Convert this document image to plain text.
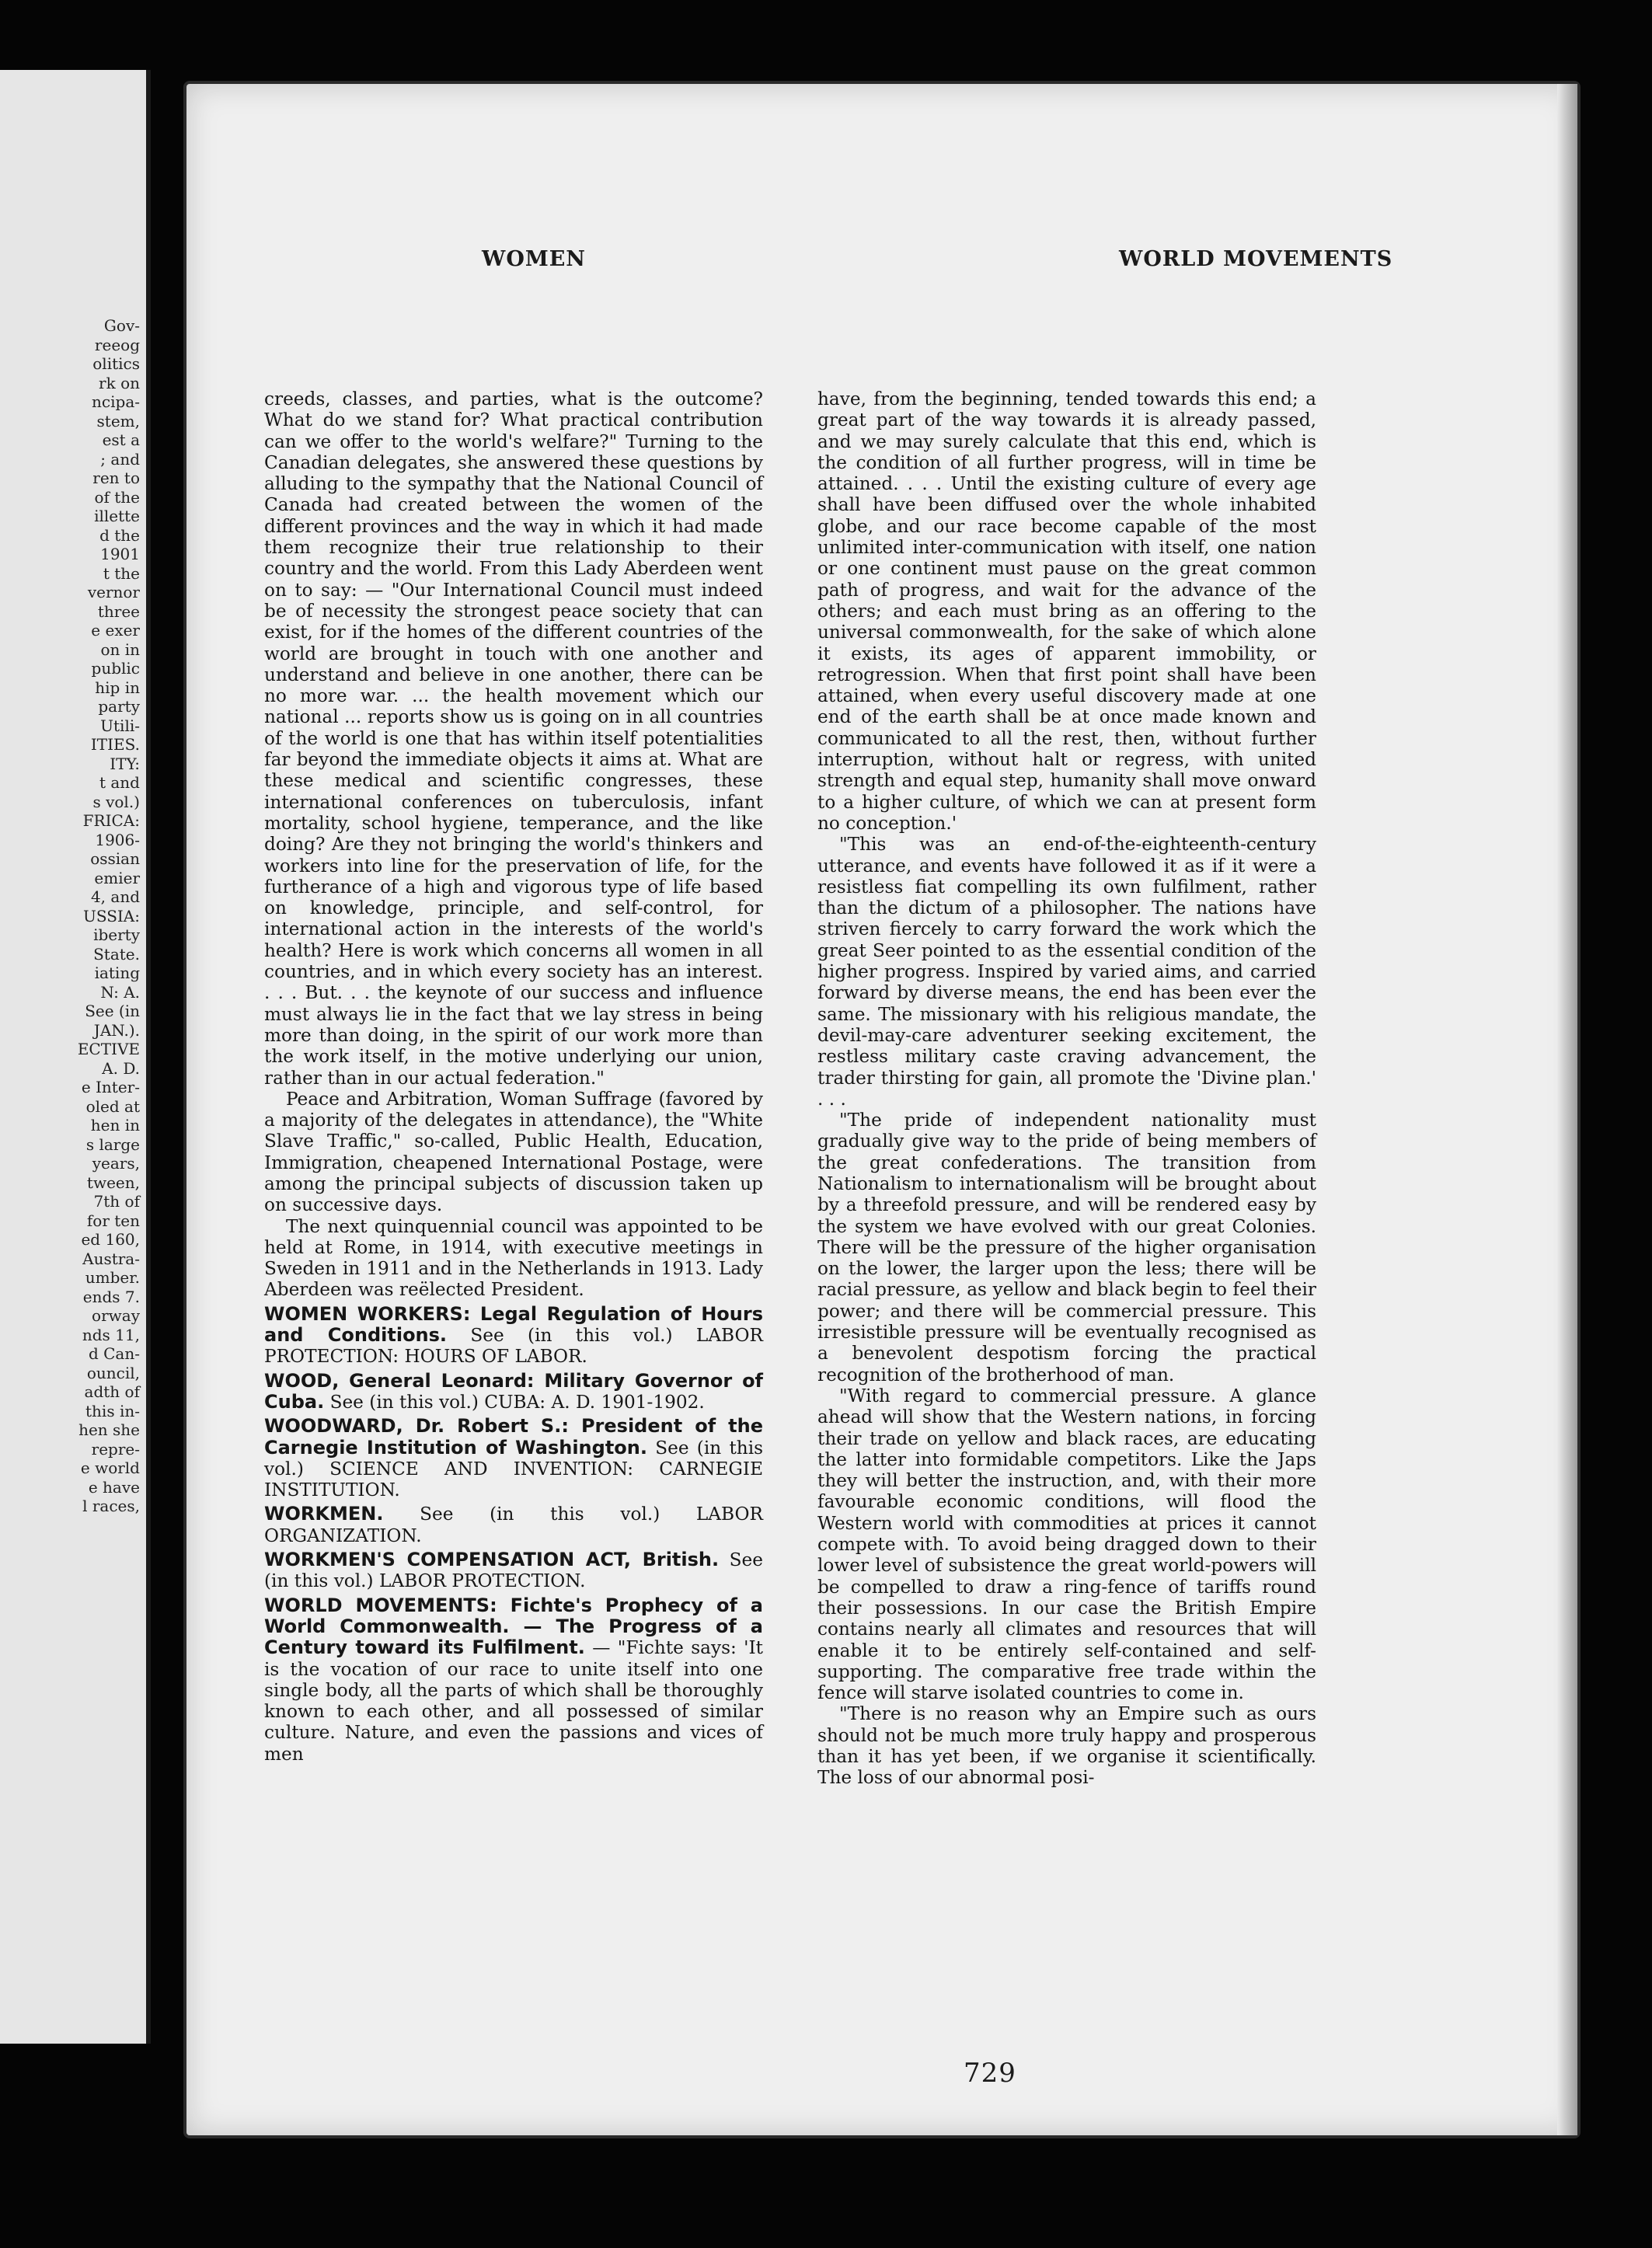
Gov-
reeog
olitics
rk on
ncipa-
stem,
est a
; and
ren to
of the
illette
d the
1901
t the
vernor
three
e exer
on in
public
hip in
party
Utili-
ITIES.
ITY:
t and
s vol.)
FRICA:
1906-
ossian
emier
4, and
USSIA:
iberty
State.
iating
N: A.
See (in
JAN.).
ECTIVE
A. D.
e Inter-
oled at
hen in
s large
years,
tween,
7th of
for ten
ed 160,
Austra-
umber.
ends 7.
orway
nds 11,
d Can-
ouncil,
adth of
this in-
hen she
repre-
e world
e have
l races,
WOMEN	WORLD MOVEMENTS

creeds, classes, and parties, what is the outcome? What do we stand for? What practical contribution can we offer to the world's welfare?" Turning to the Canadian delegates, she answered these questions by alluding to the sympathy that the National Council of Canada had created between the women of the different provinces and the way in which it had made them recognize their true relationship to their country and the world. From this Lady Aberdeen went on to say: — "Our International Council must indeed be of necessity the strongest peace society that can exist, for if the homes of the different countries of the world are brought in touch with one another and understand and believe in one another, there can be no more war. ... the health movement which our national ... reports show us is going on in all countries of the world is one that has within itself potentialities far beyond the immediate objects it aims at. What are these medical and scientific congresses, these international conferences on tuberculosis, infant mortality, school hygiene, temperance, and the like doing? Are they not bringing the world's thinkers and workers into line for the preservation of life, for the furtherance of a high and vigorous type of life based on knowledge, principle, and self-control, for international action in the interests of the world's health? Here is work which concerns all women in all countries, and in which every society has an interest. . . . But. . . the keynote of our success and influence must always lie in the fact that we lay stress in being more than doing, in the spirit of our work more than the work itself, in the motive underlying our union, rather than in our actual federation."

Peace and Arbitration, Woman Suffrage (favored by a majority of the delegates in attendance), the "White Slave Traffic," so-called, Public Health, Education, Immigration, cheapened International Postage, were among the principal subjects of discussion taken up on successive days.

The next quinquennial council was appointed to be held at Rome, in 1914, with executive meetings in Sweden in 1911 and in the Netherlands in 1913. Lady Aberdeen was reëlected President.

WOMEN WORKERS: Legal Regulation of Hours and Conditions. See (in this vol.) LABOR PROTECTION: HOURS OF LABOR.

WOOD, General Leonard: Military Governor of Cuba. See (in this vol.) CUBA: A. D. 1901-1902.

WOODWARD, Dr. Robert S.: President of the Carnegie Institution of Washington. See (in this vol.) SCIENCE AND INVENTION: CARNEGIE INSTITUTION.

WORKMEN. See (in this vol.) LABOR ORGANIZATION.

WORKMEN'S COMPENSATION ACT, British. See (in this vol.) LABOR PROTECTION.

WORLD MOVEMENTS: Fichte's Prophecy of a World Commonwealth. — The Progress of a Century toward its Fulfilment. — "Fichte says: 'It is the vocation of our race to unite itself into one single body, all the parts of which shall be thoroughly known to each other, and all possessed of similar culture. Nature, and even the passions and vices of men

have, from the beginning, tended towards this end; a great part of the way towards it is already passed, and we may surely calculate that this end, which is the condition of all further progress, will in time be attained. . . . Until the existing culture of every age shall have been diffused over the whole inhabited globe, and our race become capable of the most unlimited inter-communication with itself, one nation or one continent must pause on the great common path of progress, and wait for the advance of the others; and each must bring as an offering to the universal commonwealth, for the sake of which alone it exists, its ages of apparent immobility, or retrogression. When that first point shall have been attained, when every useful discovery made at one end of the earth shall be at once made known and communicated to all the rest, then, without further interruption, without halt or regress, with united strength and equal step, humanity shall move onward to a higher culture, of which we can at present form no conception.'

"This was an end-of-the-eighteenth-century utterance, and events have followed it as if it were a resistless fiat compelling its own fulfilment, rather than the dictum of a philosopher. The nations have striven fiercely to carry forward the work which the great Seer pointed to as the essential condition of the higher progress. Inspired by varied aims, and carried forward by diverse means, the end has been ever the same. The missionary with his religious mandate, the devil-may-care adventurer seeking excitement, the restless military caste craving advancement, the trader thirsting for gain, all promote the 'Divine plan.' . . .

"The pride of independent nationality must gradually give way to the pride of being members of the great confederations. The transition from Nationalism to internationalism will be brought about by a threefold pressure, and will be rendered easy by the system we have evolved with our great Colonies. There will be the pressure of the higher organisation on the lower, the larger upon the less; there will be racial pressure, as yellow and black begin to feel their power; and there will be commercial pressure. This irresistible pressure will be eventually recognised as a benevolent despotism forcing the practical recognition of the brotherhood of man.

"With regard to commercial pressure. A glance ahead will show that the Western nations, in forcing their trade on yellow and black races, are educating the latter into formidable competitors. Like the Japs they will better the instruction, and, with their more favourable economic conditions, will flood the Western world with commodities at prices it cannot compete with. To avoid being dragged down to their lower level of subsistence the great world-powers will be compelled to draw a ring-fence of tariffs round their possessions. In our case the British Empire contains nearly all climates and resources that will enable it to be entirely self-contained and self-supporting. The comparative free trade within the fence will starve isolated countries to come in.

"There is no reason why an Empire such as ours should not be much more truly happy and prosperous than it has yet been, if we organise it scientifically. The loss of our abnormal posi-

729
